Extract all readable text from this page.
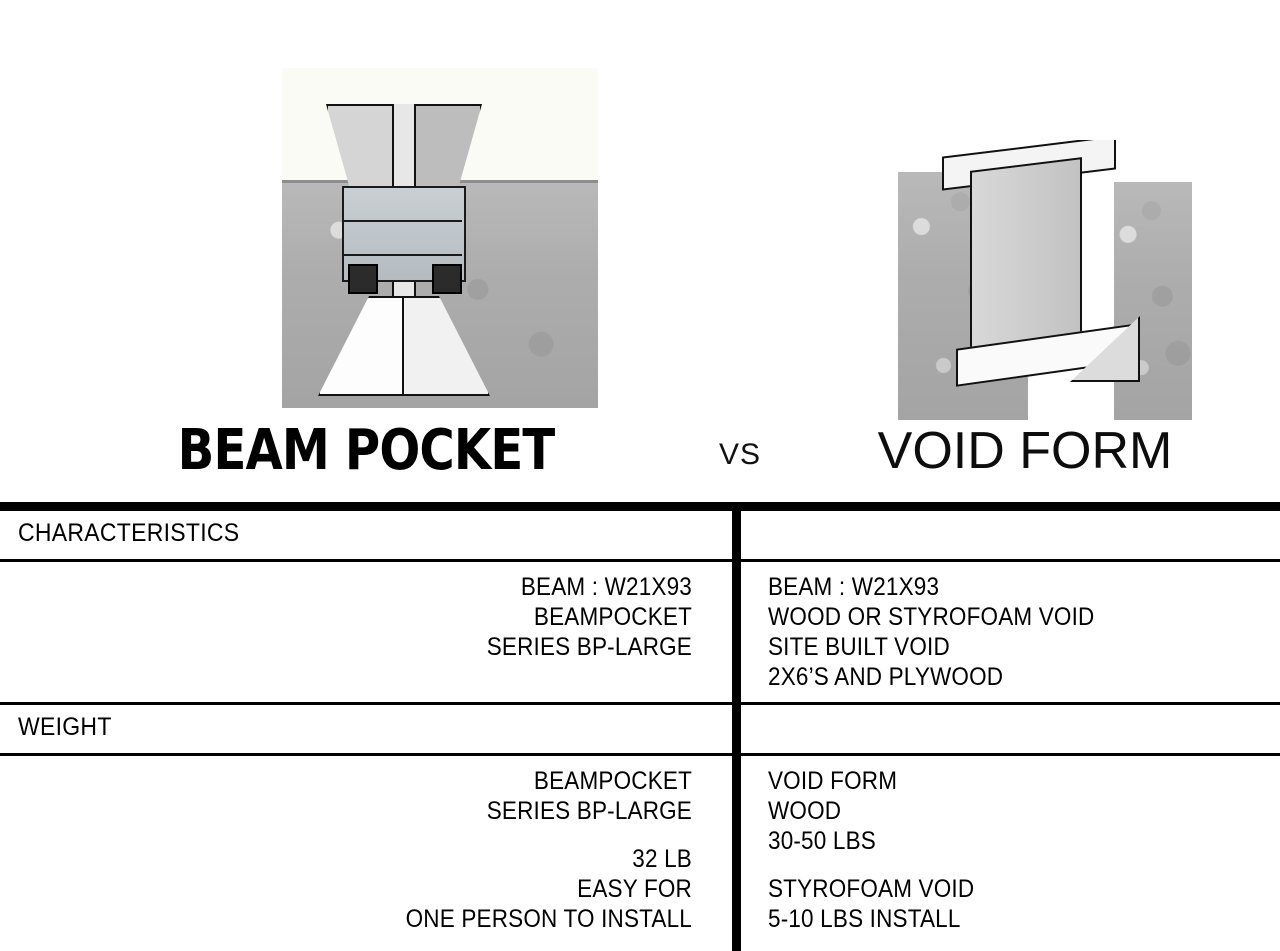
BEAM POCKET	VS	VOID FORM
CHARACTERISTICS

BEAM : W21X93

BEAMPOCKET

SERIES BP-LARGE

BEAM : W21X93

WOOD OR STYROFOAM VOID

SITE BUILT VOID

2X6’S AND PLYWOOD

WEIGHT

BEAMPOCKET

SERIES BP-LARGE

32 LB

EASY FOR

ONE PERSON TO INSTALL

VOID FORM

WOOD

30-50 LBS

STYROFOAM VOID

5-10 LBS INSTALL
